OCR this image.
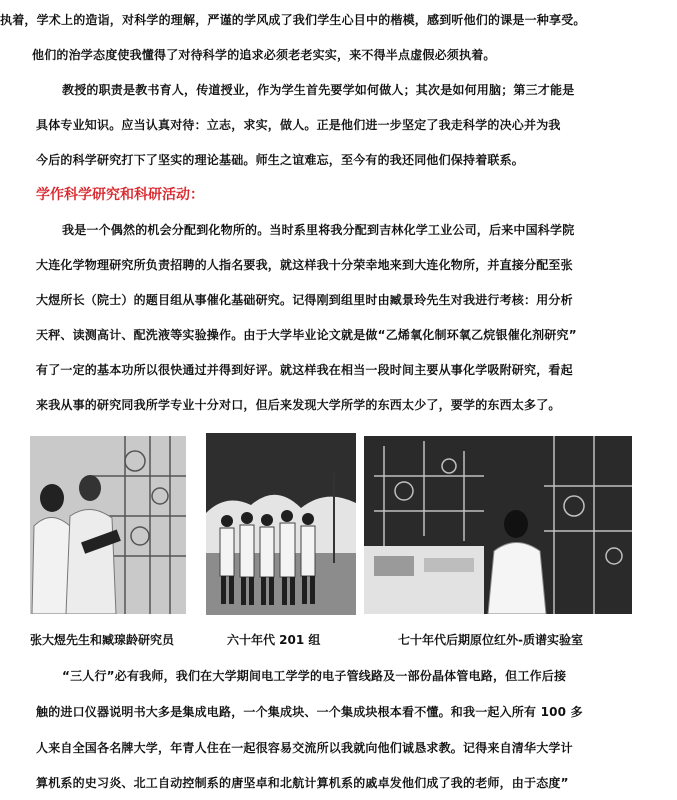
执着，学术上的造诣，对科学的理解，严谨的学风成了我们学生心目中的楷模，感到听他们的课是一种享受。

他们的治学态度使我懂得了对待科学的追求必须老老实实，来不得半点虚假必须执着。

教授的职责是教书育人，传道授业，作为学生首先要学如何做人；其次是如何用脑；第三才能是

具体专业知识。应当认真对待：立志，求实，做人。正是他们进一步坚定了我走科学的决心并为我

今后的科学研究打下了坚实的理论基础。师生之谊难忘，至今有的我还同他们保持着联系。

学作科学研究和科研活动：

我是一个偶然的机会分配到化物所的。当时系里将我分配到吉林化学工业公司，后来中国科学院

大连化学物理研究所负责招聘的人指名要我，就这样我十分荣幸地来到大连化物所，并直接分配至张

大煜所长（院士）的题目组从事催化基础研究。记得刚到组里时由臧景玲先生对我进行考核：用分析

天秤、读测高计、配洗液等实验操作。由于大学毕业论文就是做“乙烯氧化制环氧乙烷银催化剂研究”

有了一定的基本功所以很快通过并得到好评。就这样我在相当一段时间主要从事化学吸附研究，看起

来我从事的研究同我所学专业十分对口，但后来发现大学所学的东西太少了，要学的东西太多了。

张大煜先生和臧瑔龄研究员	六十年代 201 组	七十年代后期原位红外-质谱实验室

“三人行”必有我师，我们在大学期间电工学学的电子管线路及一部份晶体管电路，但工作后接

触的进口仪器说明书大多是集成电路，一个集成块、一个集成块根本看不懂。和我一起入所有 100 多

人来自全国各名牌大学，年青人住在一起很容易交流所以我就向他们诚恳求教。记得来自清华大学计

算机系的史习炎、北工自动控制系的唐坚卓和北航计算机系的戚卓发他们成了我的老师，由于态度”
